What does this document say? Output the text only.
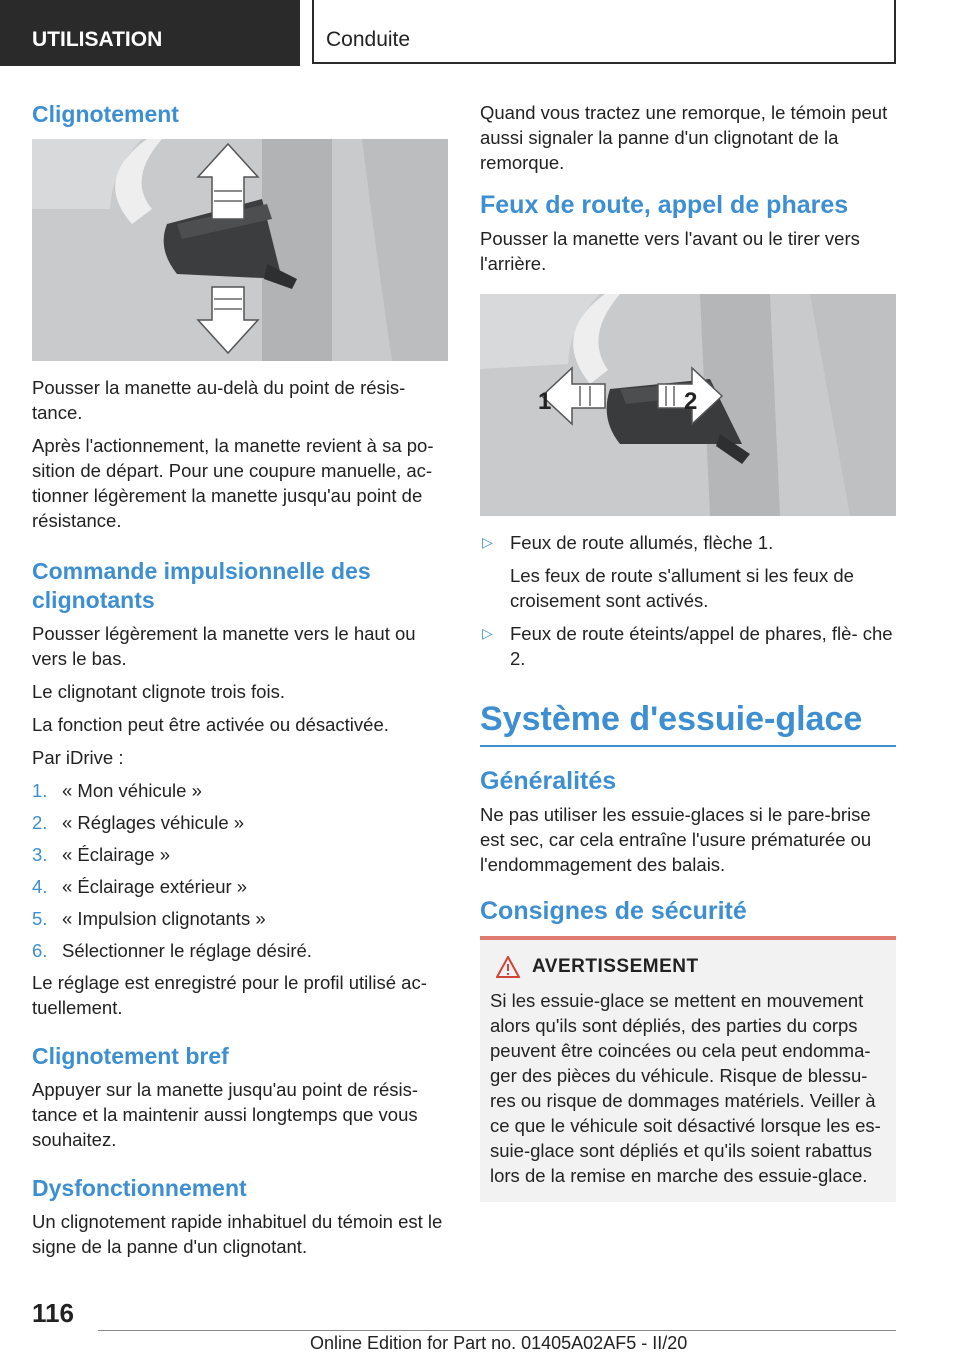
UTILISATION	Conduite
Clignotement

Pousser la manette au-delà du point de résis‐ tance.

Après l'actionnement, la manette revient à sa po‐ sition de départ. Pour une coupure manuelle, ac‐ tionner légèrement la manette jusqu'au point de résistance.

Commande impulsionnelle des clignotants

Pousser légèrement la manette vers le haut ou vers le bas.

Le clignotant clignote trois fois.

La fonction peut être activée ou désactivée.

Par iDrive :

1. « Mon véhicule »
2. « Réglages véhicule »
3. « Éclairage »
4. « Éclairage extérieur »
5. « Impulsion clignotants »
6. Sélectionner le réglage désiré.

Le réglage est enregistré pour le profil utilisé ac‐ tuellement.

Clignotement bref

Appuyer sur la manette jusqu'au point de résis‐ tance et la maintenir aussi longtemps que vous souhaitez.

Dysfonctionnement

Un clignotement rapide inhabituel du témoin est le signe de la panne d'un clignotant.

Quand vous tractez une remorque, le témoin peut aussi signaler la panne d'un clignotant de la remorque.

Feux de route, appel de phares

Pousser la manette vers l'avant ou le tirer vers l'arrière.

1	2
▷ Feux de route allumés, flèche 1.
Les feux de route s'allument si les feux de croisement sont activés.
▷ Feux de route éteints/appel de phares, flè‐ che 2.
Système d'essuie-glace
Généralités

Ne pas utiliser les essuie-glaces si le pare-brise est sec, car cela entraîne l'usure prématurée ou l'endommagement des balais.

Consignes de sécurité
AVERTISSEMENT

Si les essuie-glace se mettent en mouvement alors qu'ils sont dépliés, des parties du corps peuvent être coincées ou cela peut endomma‐ ger des pièces du véhicule. Risque de blessu‐ res ou risque de dommages matériels. Veiller à ce que le véhicule soit désactivé lorsque les es‐ suie-glace sont dépliés et qu'ils soient rabattus lors de la remise en marche des essuie-glace.

116
Online Edition for Part no. 01405A02AF5 - II/20
